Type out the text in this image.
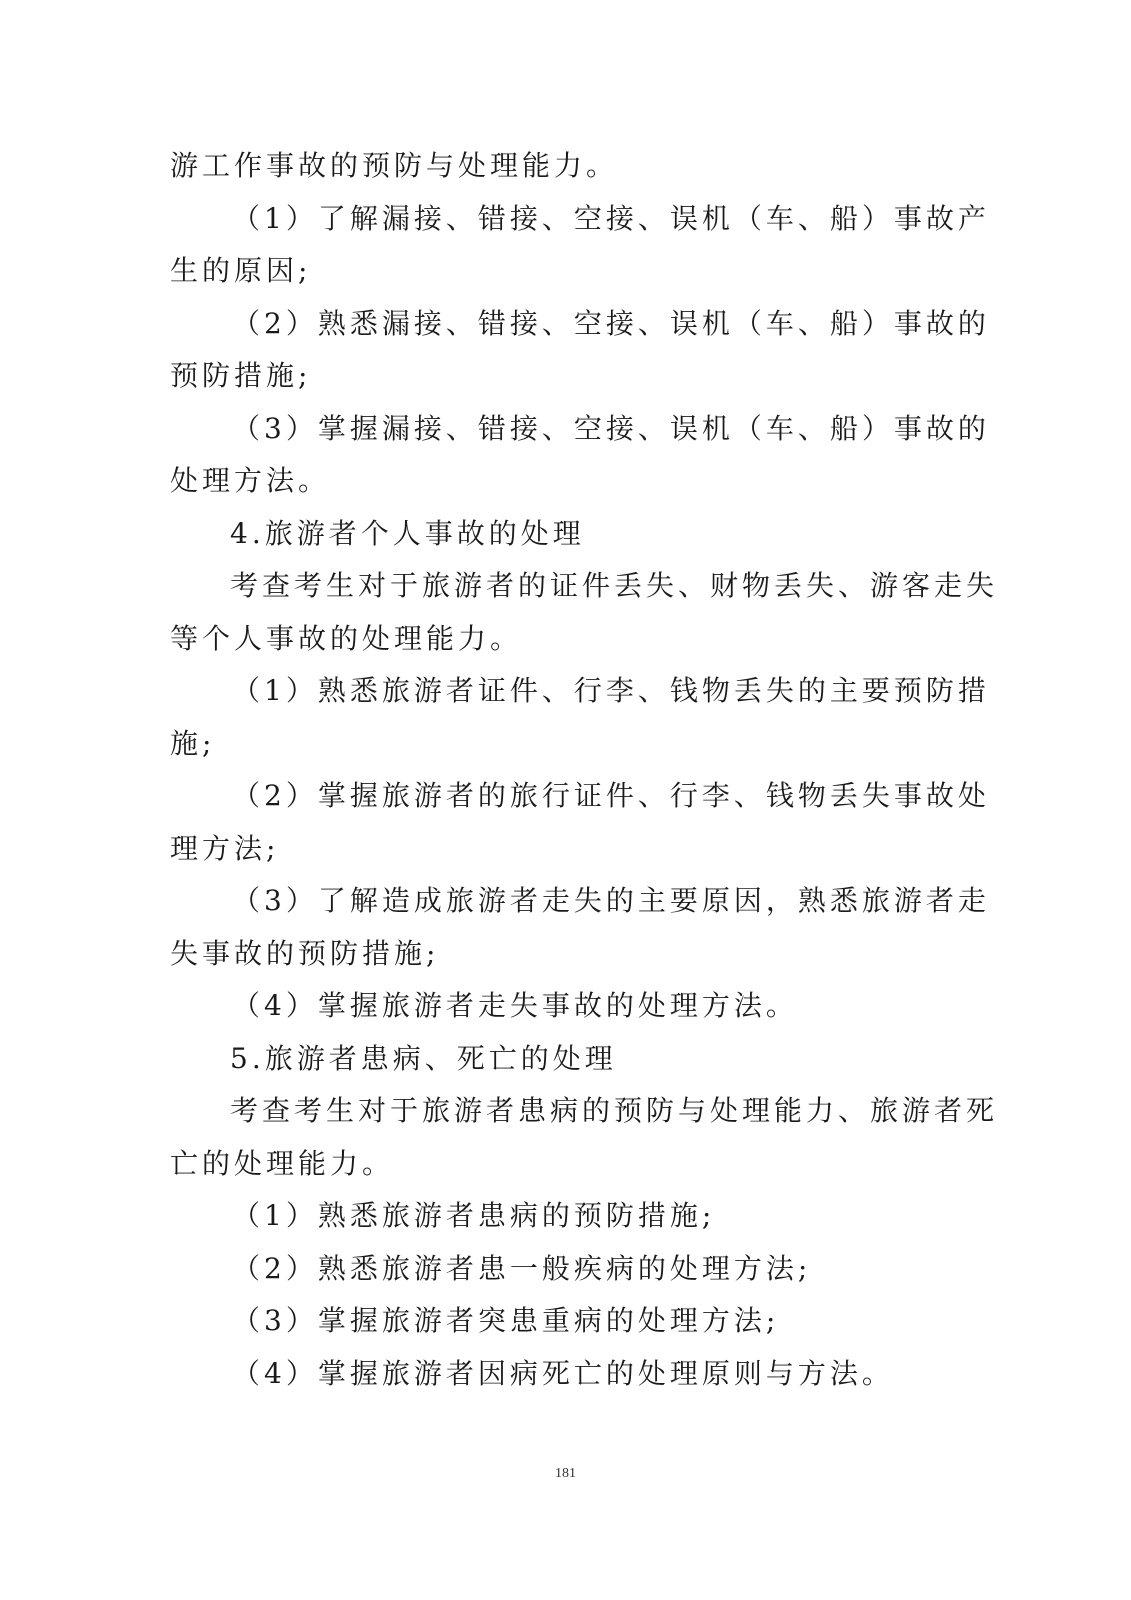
游工作事故的预防与处理能力。
（1）了解漏接、错接、空接、误机（车、船）事故产
生的原因;
（2）熟悉漏接、错接、空接、误机（车、船）事故的
预防措施;
（3）掌握漏接、错接、空接、误机（车、船）事故的
处理方法。
4.旅游者个人事故的处理
考查考生对于旅游者的证件丢失、财物丢失、游客走失
等个人事故的处理能力。
（1）熟悉旅游者证件、行李、钱物丢失的主要预防措
施;
（2）掌握旅游者的旅行证件、行李、钱物丢失事故处
理方法;
（3）了解造成旅游者走失的主要原因，熟悉旅游者走
失事故的预防措施;
（4）掌握旅游者走失事故的处理方法。
5.旅游者患病、死亡的处理
考查考生对于旅游者患病的预防与处理能力、旅游者死
亡的处理能力。
（1）熟悉旅游者患病的预防措施;
（2）熟悉旅游者患一般疾病的处理方法;
（3）掌握旅游者突患重病的处理方法;
（4）掌握旅游者因病死亡的处理原则与方法。
181
